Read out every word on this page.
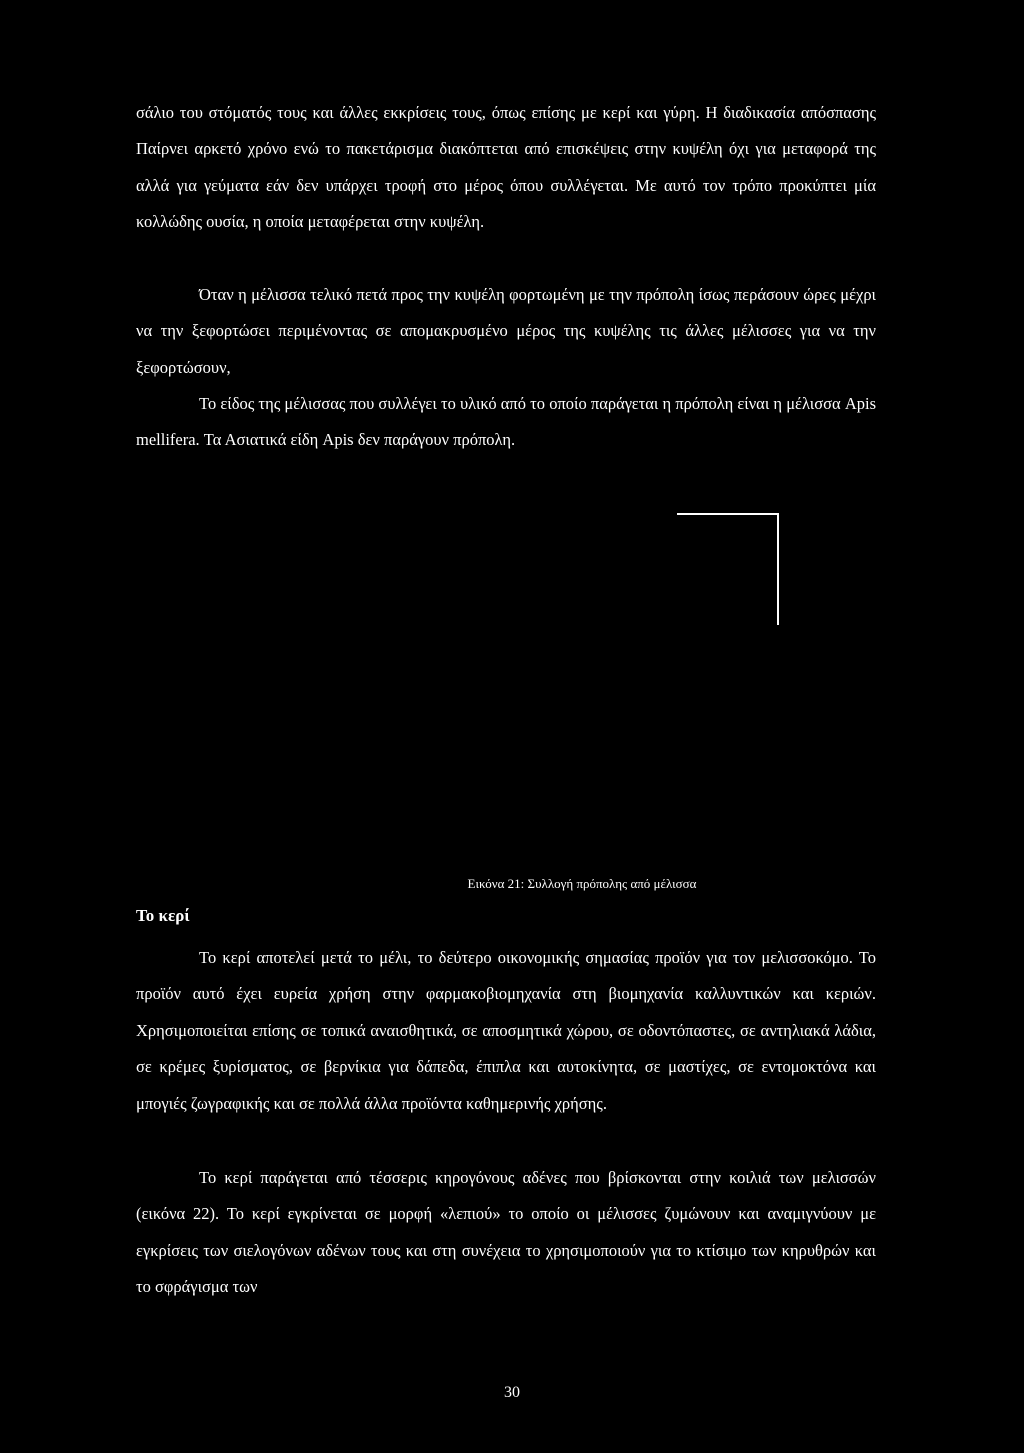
σάλιο του στόματός τους και άλλες εκκρίσεις τους, όπως επίσης με κερί και γύρη. Η διαδικασία απόσπασης Παίρνει αρκετό χρόνο ενώ το πακετάρισμα διακόπτεται από επισκέψεις στην κυψέλη όχι για μεταφορά της αλλά για γεύματα εάν δεν υπάρχει τροφή στο μέρος όπου συλλέγεται. Με αυτό τον τρόπο προκύπτει μία κολλώδης ουσία, η οποία μεταφέρεται στην κυψέλη.

Όταν η μέλισσα τελικό πετά προς την κυψέλη φορτωμένη με την πρόπολη ίσως περάσουν ώρες μέχρι να την ξεφορτώσει περιμένοντας σε απομακρυσμένο μέρος της κυψέλης τις άλλες μέλισσες για να την ξεφορτώσουν,

Το είδος της μέλισσας που συλλέγει το υλικό από το οποίο παράγεται η πρόπολη είναι η μέλισσα Apis mellifera. Τα Ασιατικά είδη Apis δεν παράγουν πρόπολη.

Εικόνα 21: Συλλογή πρόπολης από μέλισσα
Το κερί

Το κερί αποτελεί μετά το μέλι, το δεύτερο οικονομικής σημασίας προϊόν για τον μελισσοκόμο. Το προϊόν αυτό έχει ευρεία χρήση στην φαρμακοβιομηχανία στη βιομηχανία καλλυντικών και κεριών. Χρησιμοποιείται επίσης σε τοπικά αναισθητικά, σε αποσμητικά χώρου, σε οδοντόπαστες, σε αντηλιακά λάδια, σε κρέμες ξυρίσματος, σε βερνίκια για δάπεδα, έπιπλα και αυτοκίνητα, σε μαστίχες, σε εντομοκτόνα και μπογιές ζωγραφικής και σε πολλά άλλα προϊόντα καθημερινής χρήσης.

Το κερί παράγεται από τέσσερις κηρογόνους αδένες που βρίσκονται στην κοιλιά των μελισσών (εικόνα 22). Το κερί εγκρίνεται σε μορφή «λεπιού» το οποίο οι μέλισσες ζυμώνουν και αναμιγνύουν με εγκρίσεις των σιελογόνων αδένων τους και στη συνέχεια το χρησιμοποιούν για το κτίσιμο των κηρυθρών και το σφράγισμα των

30
